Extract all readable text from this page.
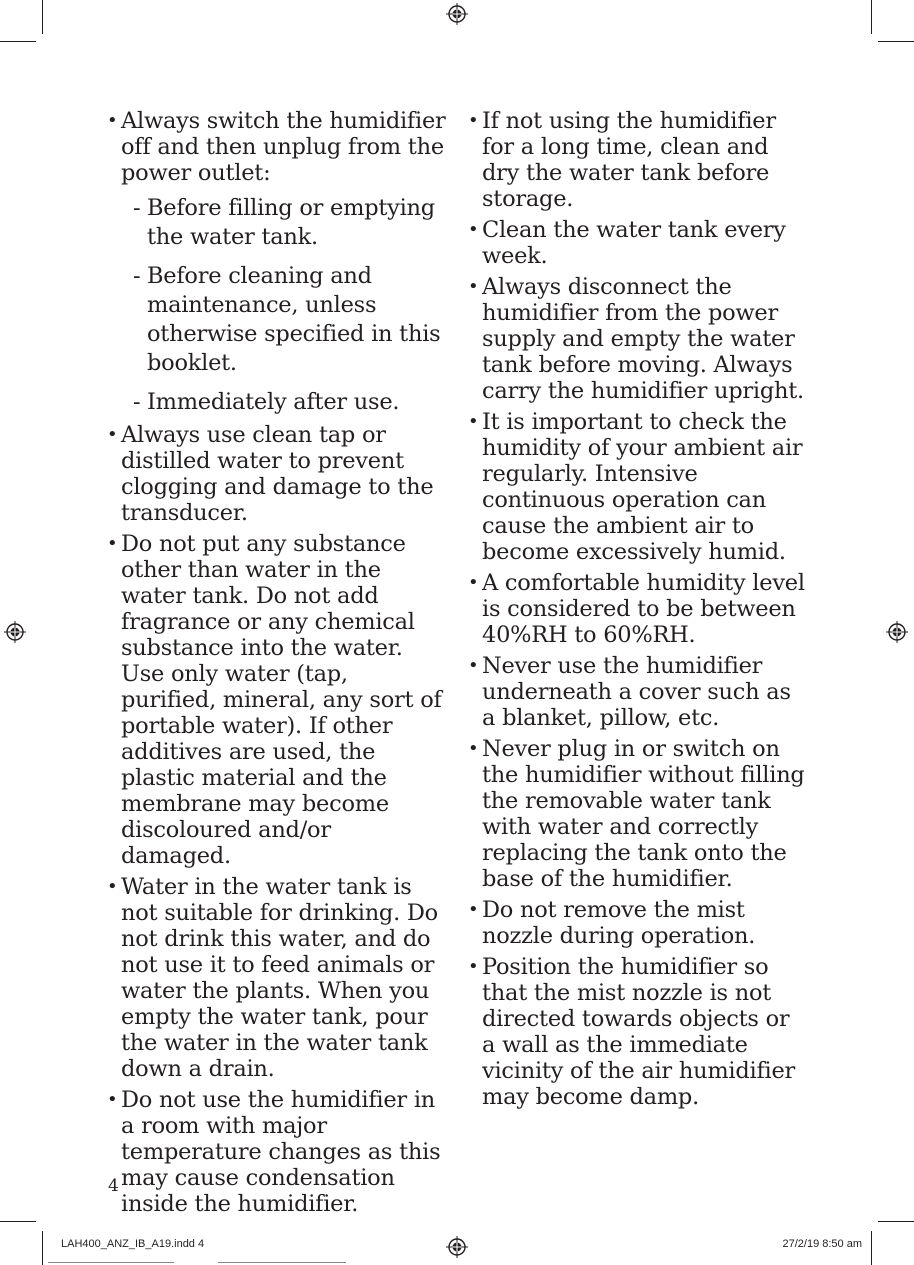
• Always switch the humidifier off and then unplug from the power outlet:
- Before filling or emptying the water tank.
- Before cleaning and maintenance, unless otherwise specified in this booklet.
- Immediately after use.
• Always use clean tap or distilled water to prevent clogging and damage to the transducer.
• Do not put any substance other than water in the water tank. Do not add fragrance or any chemical substance into the water. Use only water (tap, purified, mineral, any sort of portable water). If other additives are used, the plastic material and the membrane may become discoloured and/or damaged.
• Water in the water tank is not suitable for drinking. Do not drink this water, and do not use it to feed animals or water the plants. When you empty the water tank, pour the water in the water tank down a drain.
• Do not use the humidifier in a room with major temperature changes as this may cause condensation inside the humidifier.
• If not using the humidifier for a long time, clean and dry the water tank before storage.
• Clean the water tank every week.
• Always disconnect the humidifier from the power supply and empty the water tank before moving. Always carry the humidifier upright.
• It is important to check the humidity of your ambient air regularly. Intensive continuous operation can cause the ambient air to become excessively humid.
• A comfortable humidity level is considered to be between 40%RH to 60%RH.
• Never use the humidifier underneath a cover such as a blanket, pillow, etc.
• Never plug in or switch on the humidifier without filling the removable water tank with water and correctly replacing the tank onto the base of the humidifier.
• Do not remove the mist nozzle during operation.
• Position the humidifier so that the mist nozzle is not directed towards objects or a wall as the immediate vicinity of the air humidifier may become damp.
4
LAH400_ANZ_IB_A19.indd 4	27/2/19 8:50 am
